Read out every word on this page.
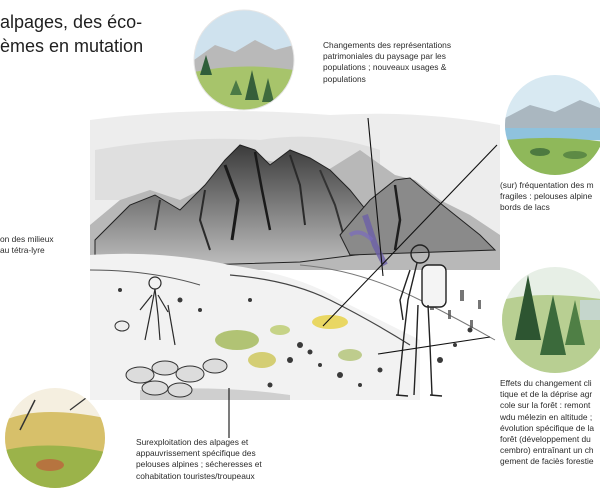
alpages, des éco-
èmes en mutation	Changements des représentations
patrimoniales du paysage par les
populations ; nouveaux usages &
populations
(sur) fréquentation des m
fragiles : pelouses alpine
bords de lacs
on des milieux
au tétra-lyre
Effets du changement cli
tique et de la déprise agr
cole sur la forêt : remont
wdu mélezin en altitude ;
évolution spécifique de la
forêt (développement du
cembro) entraînant un ch
gement de faciès forestie
Surexploitation des alpages et
appauvrissement spécifique des
pelouses alpines ; sécheresses et
cohabitation touristes/troupeaux
